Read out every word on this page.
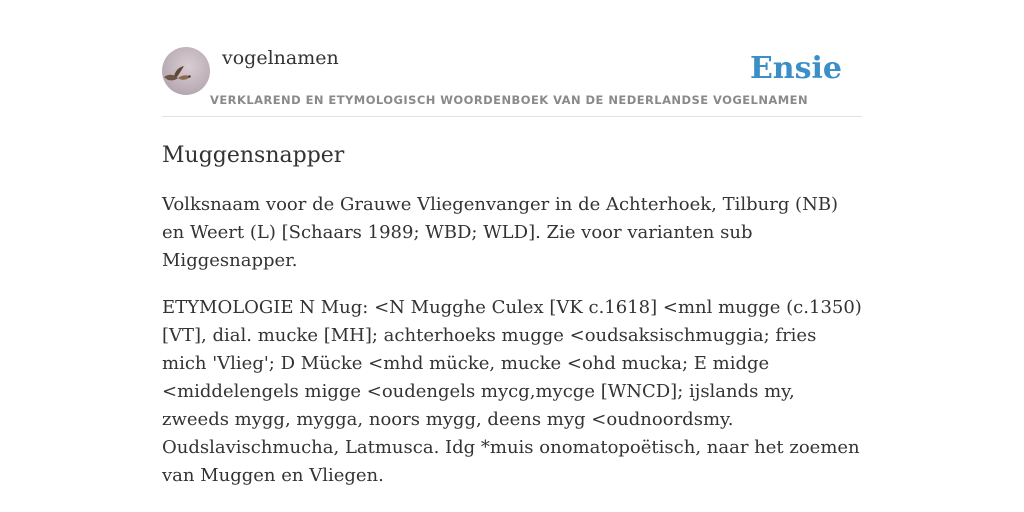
vogelnamen
VERKLAREND EN ETYMOLOGISCH WOORDENBOEK VAN DE NEDERLANDSE VOGELNAMEN
Ensie
Muggensnapper

Volksnaam voor de Grauwe Vliegenvanger in de Achterhoek, Tilburg (NB) en Weert (L) [Schaars 1989; WBD; WLD]. Zie voor varianten sub Miggesnapper.

ETYMOLOGIE N Mug: <N Mugghe Culex [VK c.1618] <mnl mugge (c.1350) [VT], dial. mucke [MH]; achterhoeks mugge <oudsaksischmuggia; fries mich 'Vlieg'; D Mücke <mhd mücke, mucke <ohd mucka; E midge <middelengels migge <oudengels mycg,mycge [WNCD]; ijslands my, zweeds mygg, mygga, noors mygg, deens myg <oudnoordsmy. Oudslavischmucha, Latmusca. Idg *muis onomatopoëtisch, naar het zoemen van Muggen en Vliegen.
